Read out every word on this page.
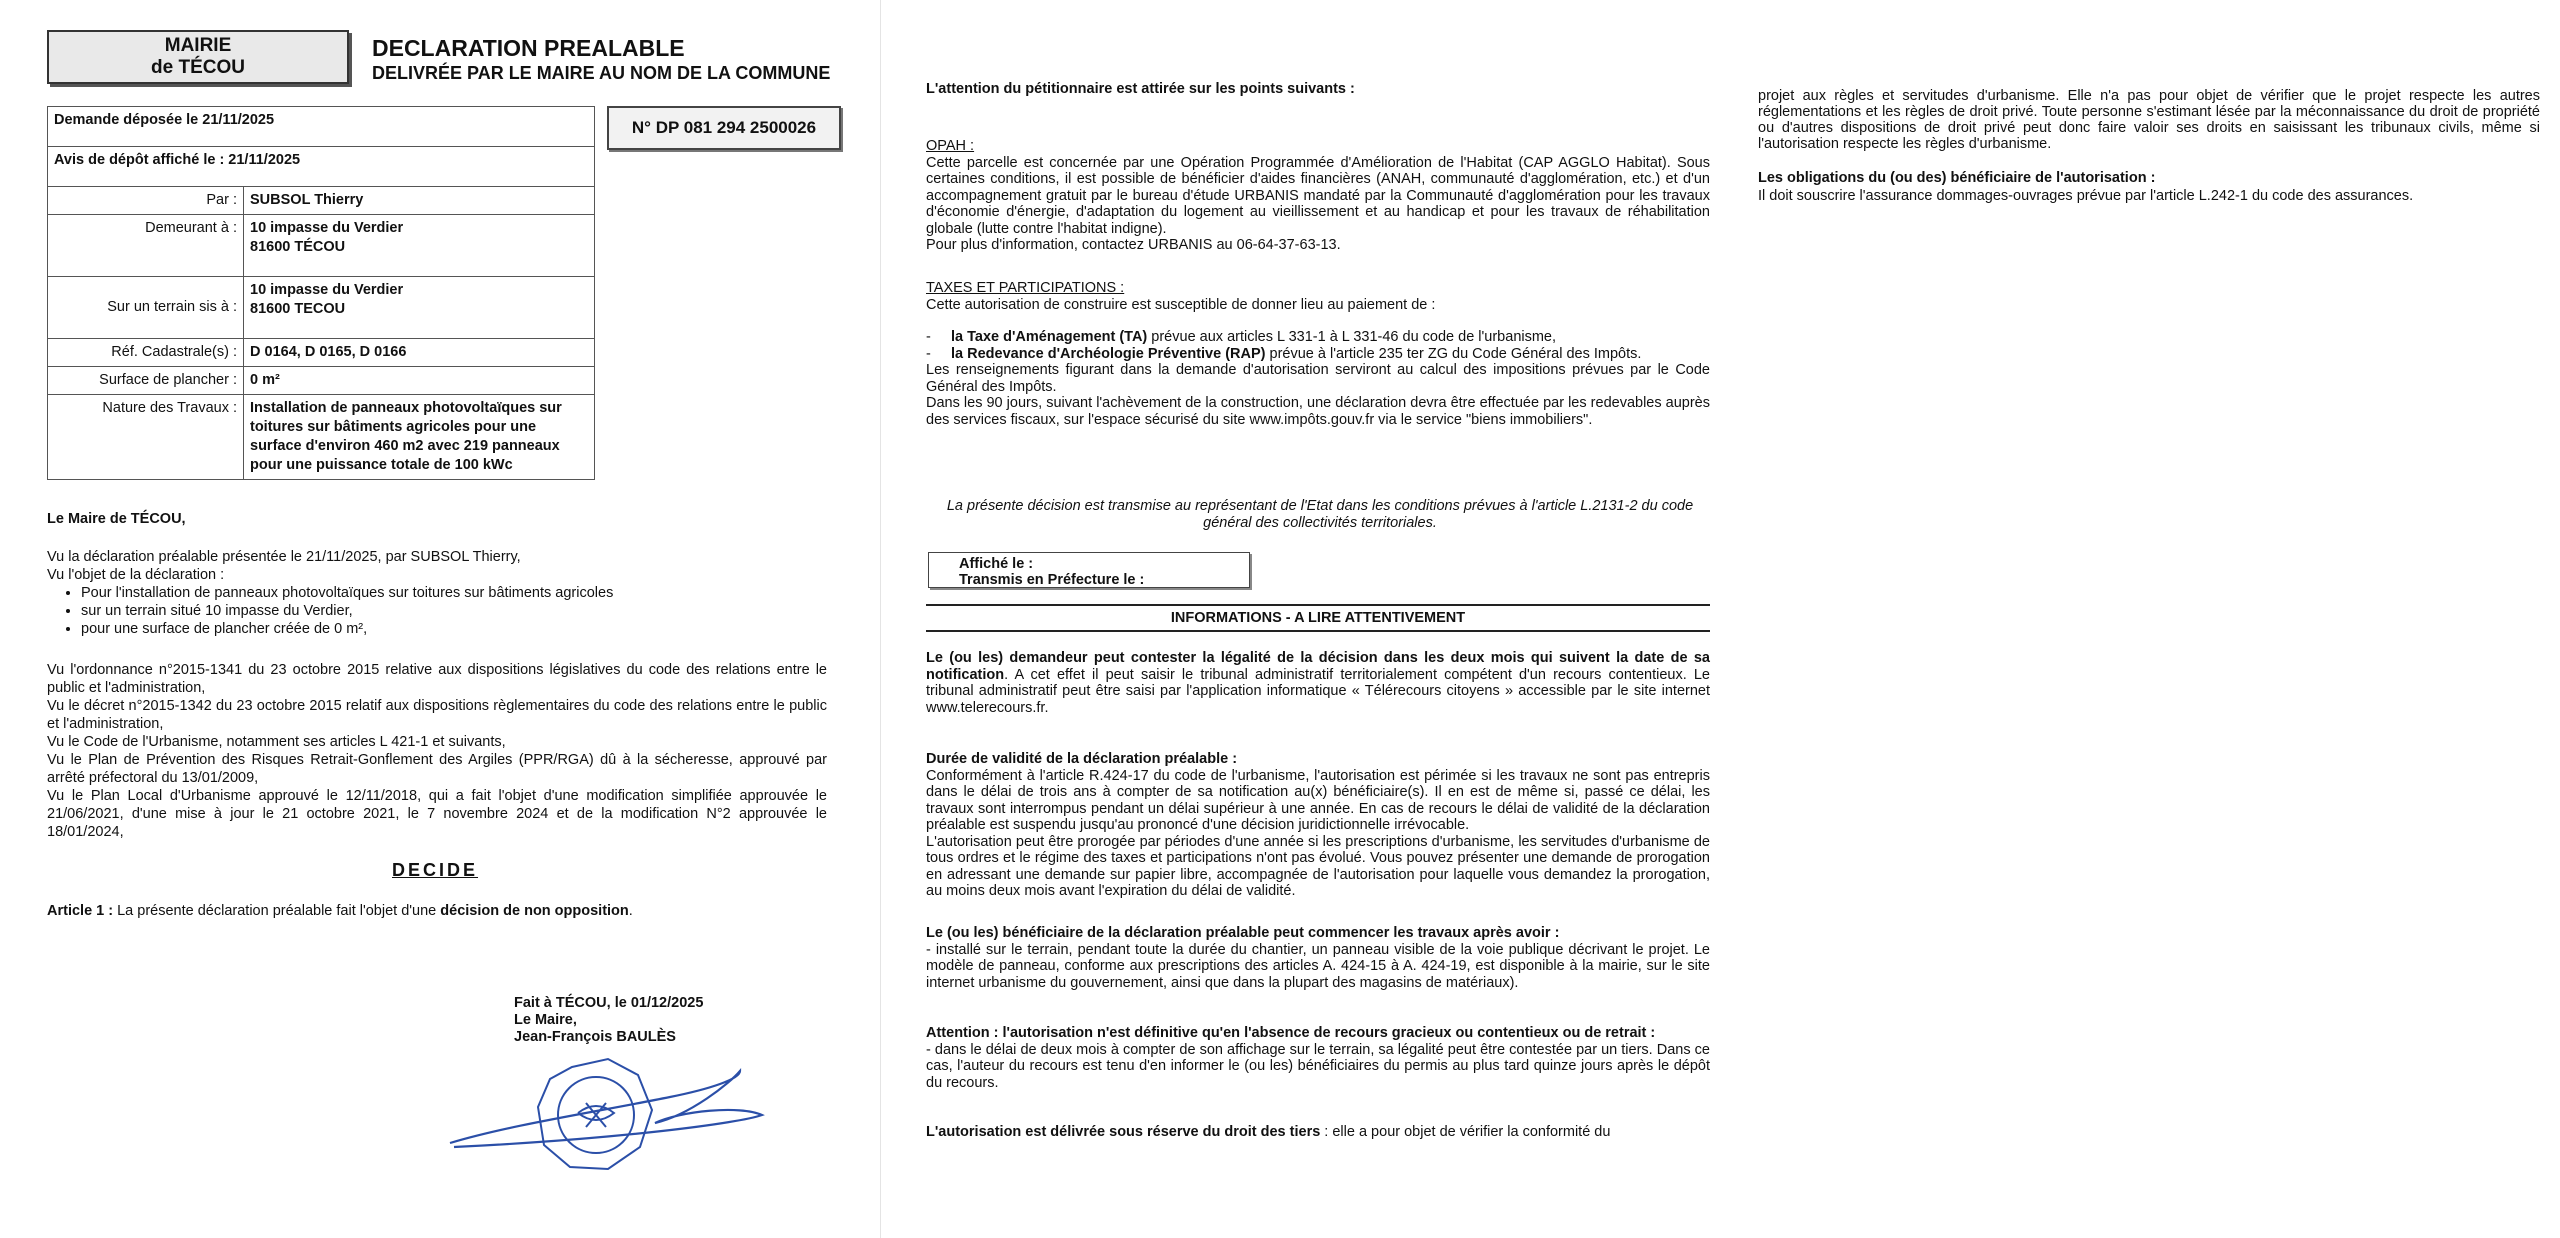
MAIRIE
de TÉCOU
DECLARATION PREALABLE
DELIVRÉE PAR LE MAIRE AU NOM DE LA COMMUNE
Demande déposée le 21/11/2025	
Avis de dépôt affiché le : 21/11/2025	
Par :	SUBSOL Thierry
Demeurant à :	10 impasse du Verdier
81600 TÉCOU
Sur un terrain sis à :	10 impasse du Verdier
81600 TECOU
Réf. Cadastrale(s) :	D 0164, D 0165, D 0166
Surface de plancher :	0 m²
Nature des Travaux :	Installation de panneaux photovoltaïques sur toitures sur bâtiments agricoles pour une surface d'environ 460 m2 avec 219 panneaux pour une puissance totale de 100 kWc
N° DP 081 294 2500026
Le Maire de TÉCOU,
Vu la déclaration préalable présentée le 21/11/2025, par SUBSOL Thierry,
Vu l'objet de la déclaration :
• Pour l'installation de panneaux photovoltaïques sur toitures sur bâtiments agricoles
• sur un terrain situé 10 impasse du Verdier,
• pour une surface de plancher créée de 0 m²,
Vu l'ordonnance n°2015-1341 du 23 octobre 2015 relative aux dispositions législatives du code des relations entre le public et l'administration,
Vu le décret n°2015-1342 du 23 octobre 2015 relatif aux dispositions règlementaires du code des relations entre le public et l'administration,
Vu le Code de l'Urbanisme, notamment ses articles L 421-1 et suivants,
Vu le Plan de Prévention des Risques Retrait-Gonflement des Argiles (PPR/RGA) dû à la sécheresse, approuvé par arrêté préfectoral du 13/01/2009,
Vu le Plan Local d'Urbanisme approuvé le 12/11/2018, qui a fait l'objet d'une modification simplifiée approuvée le 21/06/2021, d'une mise à jour le 21 octobre 2021, le 7 novembre 2024 et de la modification N°2 approuvée le 18/01/2024,
DECIDE
Article 1 : La présente déclaration préalable fait l'objet d'une décision de non opposition.
Fait à TÉCOU, le 01/12/2025
Le Maire,
Jean-François BAULÈS
L'attention du pétitionnaire est attirée sur les points suivants :
OPAH :
Cette parcelle est concernée par une Opération Programmée d'Amélioration de l'Habitat (CAP AGGLO Habitat). Sous certaines conditions, il est possible de bénéficier d'aides financières (ANAH, communauté d'agglomération, etc.) et d'un accompagnement gratuit par le bureau d'étude URBANIS mandaté par la Communauté d'agglomération pour les travaux d'économie d'énergie, d'adaptation du logement au vieillissement et au handicap et pour les travaux de réhabilitation globale (lutte contre l'habitat indigne).
Pour plus d'information, contactez URBANIS au 06-64-37-63-13.
TAXES ET PARTICIPATIONS :
Cette autorisation de construire est susceptible de donner lieu au paiement de :
-     la Taxe d'Aménagement (TA) prévue aux articles L 331-1 à L 331-46 du code de l'urbanisme,
-     la Redevance d'Archéologie Préventive (RAP) prévue à l'article 235 ter ZG du Code Général des Impôts.
Les renseignements figurant dans la demande d'autorisation serviront au calcul des impositions prévues par le Code Général des Impôts.
Dans les 90 jours, suivant l'achèvement de la construction, une déclaration devra être effectuée par les redevables auprès des services fiscaux, sur l'espace sécurisé du site www.impôts.gouv.fr via le service "biens immobiliers".
La présente décision est transmise au représentant de l'Etat dans les conditions prévues à l'article L.2131-2 du code général des collectivités territoriales.
Affiché le :
Transmis en Préfecture le :
INFORMATIONS - A LIRE ATTENTIVEMENT
Le (ou les) demandeur peut contester la légalité de la décision dans les deux mois qui suivent la date de sa notification. A cet effet il peut saisir le tribunal administratif territorialement compétent d'un recours contentieux. Le tribunal administratif peut être saisi par l'application informatique « Télérecours citoyens » accessible par le site internet www.telerecours.fr.
Durée de validité de la déclaration préalable :
Conformément à l'article R.424-17 du code de l'urbanisme, l'autorisation est périmée si les travaux ne sont pas entrepris dans le délai de trois ans à compter de sa notification au(x) bénéficiaire(s). Il en est de même si, passé ce délai, les travaux sont interrompus pendant un délai supérieur à une année. En cas de recours le délai de validité de la déclaration préalable est suspendu jusqu'au prononcé d'une décision juridictionnelle irrévocable.
L'autorisation peut être prorogée par périodes d'une année si les prescriptions d'urbanisme, les servitudes d'urbanisme de tous ordres et le régime des taxes et participations n'ont pas évolué. Vous pouvez présenter une demande de prorogation en adressant une demande sur papier libre, accompagnée de l'autorisation pour laquelle vous demandez la prorogation, au moins deux mois avant l'expiration du délai de validité.
Le (ou les) bénéficiaire de la déclaration préalable peut commencer les travaux après avoir :
- installé sur le terrain, pendant toute la durée du chantier, un panneau visible de la voie publique décrivant le projet. Le modèle de panneau, conforme aux prescriptions des articles A. 424-15 à A. 424-19, est disponible à la mairie, sur le site internet urbanisme du gouvernement, ainsi que dans la plupart des magasins de matériaux).
Attention : l'autorisation n'est définitive qu'en l'absence de recours gracieux ou contentieux ou de retrait :
- dans le délai de deux mois à compter de son affichage sur le terrain, sa légalité peut être contestée par un tiers. Dans ce cas, l'auteur du recours est tenu d'en informer le (ou les) bénéficiaires du permis au plus tard quinze jours après le dépôt du recours.
L'autorisation est délivrée sous réserve du droit des tiers : elle a pour objet de vérifier la conformité du
projet aux règles et servitudes d'urbanisme. Elle n'a pas pour objet de vérifier que le projet respecte les autres réglementations et les règles de droit privé. Toute personne s'estimant lésée par la méconnaissance du droit de propriété ou d'autres dispositions de droit privé peut donc faire valoir ses droits en saisissant les tribunaux civils, même si l'autorisation respecte les règles d'urbanisme.
Les obligations du (ou des) bénéficiaire de l'autorisation :
Il doit souscrire l'assurance dommages-ouvrages prévue par l'article L.242-1 du code des assurances.
